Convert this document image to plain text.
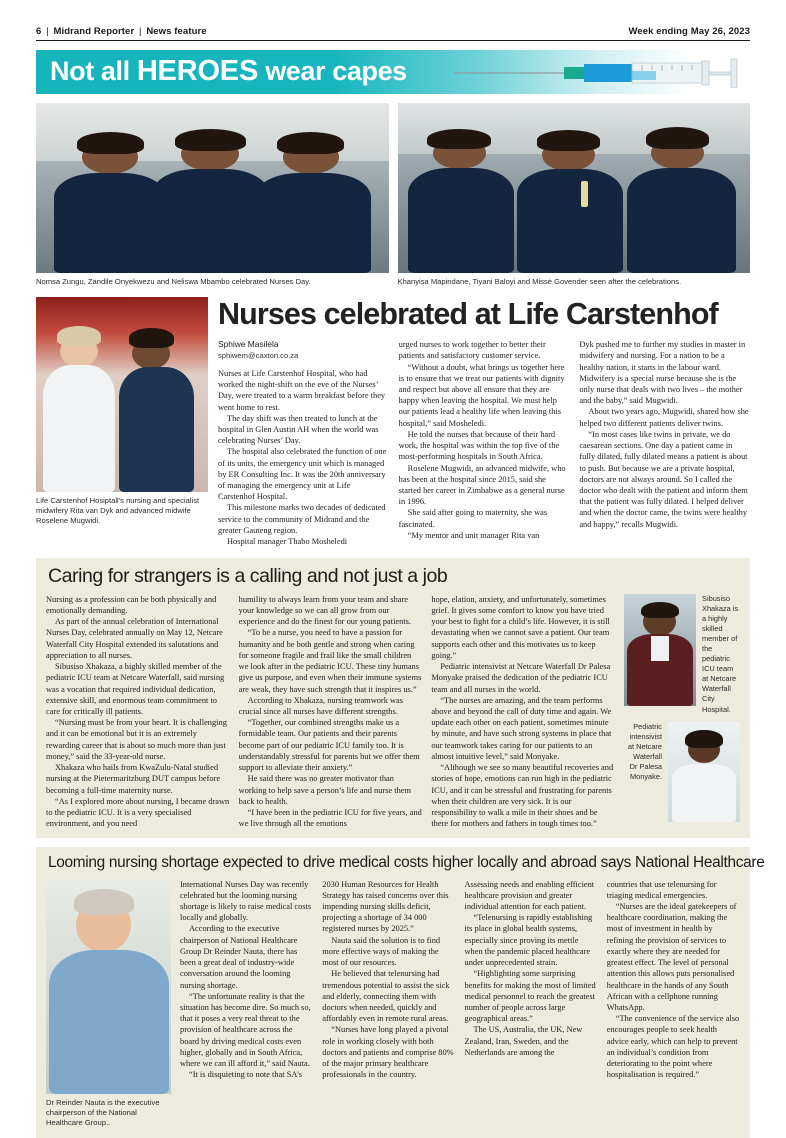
6 | Midrand Reporter | News feature	Week ending May 26, 2023
Not all HEROES wear capes
Nomsa Zungu, Zandile Onyekwezu and Neliswa Mbambo celebrated Nurses Day.	Khanyisa Mapindane, Tiyani Baloyi and Missé Govender seen after the celebrations.
Life Carstenhof Hosiptall's nursing and specialist midwifery Rita van Dyk and advanced midwife Roselene Mugwidi.
Nurses celebrated at Life Carstenhof
Sphiwe Masilela
sphiwem@caxton.co.za

Nurses at Life Carstenhof Hospital, who had worked the night-shift on the eve of the Nurses’ Day, were treated to a warm breakfast before they went home to rest.

The day shift was then treated to lunch at the hospital in Glen Austin AH when the world was celebrating Nurses’ Day.

The hospital also celebrated the function of one of its units, the emergency unit which is managed by ER Consulting Inc. It was the 20th anniversary of managing the emergency unit at Life Carstenhof Hospital.

This milestone marks two decades of dedicated service to the community of Midrand and the greater Gauteng region.

Hospital manager Thabo Mosheledi

urged nurses to work together to better their patients and satisfactory customer service.

“Without a doubt, what brings us together here is to ensure that we treat our patients with dignity and respect but above all ensure that they are happy when leaving the hospital. We must help our patients lead a healthy life when leaving this hospital,” said Mosheledi.

He told the nurses that because of their hard work, the hospital was within the top five of the most-performing hospitals in South Africa.

Roselene Mugwidi, an advanced midwife, who has been at the hospital since 2015, said she started her career in Zimbabwe as a general nurse in 1996.

She said after going to maternity, she was fascinated.

“My mentor and unit manager Rita van

Dyk pushed me to further my studies in master in midwifery and nursing. For a nation to be a healthy nation, it starts in the labour ward. Midwifery is a special nurse because she is the only nurse that deals with two lives – the mother and the baby,” said Mugwidi.

About two years ago, Mugwidi, shared how she helped two different patients deliver twins.

“In most cases like twins in private, we do caesarean sections. One day a patient came in fully dilated, fully dilated means a patient is about to push. But because we are a private hospital, doctors are not always around. So I called the doctor who dealt with the patient and inform them that the patient was fully dilated. I helped deliver and when the doctor came, the twins were healthy and happy,” recalls Mugwidi.

Caring for strangers is a calling and not just a job

Nursing as a profession can be both physically and emotionally demanding.

As part of the annual celebration of International Nurses Day, celebrated annually on May 12, Netcare Waterfall City Hospital extended its salutations and appreciation to all nurses.

Sibusiso Xhakaza, a highly skilled member of the pediatric ICU team at Netcare Waterfall, said nursing was a vocation that required individual dedication, extensive skill, and enormous team commitment to care for critically ill patients.

“Nursing must be from your heart. It is challenging and it can be emotional but it is an extremely rewarding career that is about so much more than just money,” said the 33-year-old nurse.

Xhakaza who hails from KwaZulu-Natal studied nursing at the Pietermaritzburg DUT campus before becoming a full-time maternity nurse.

“As I explored more about nursing, I became drawn to the pediatric ICU. It is a very specialised environment, and you need

humility to always learn from your team and share your knowledge so we can all grow from our experience and do the finest for our young patients.

“To be a nurse, you need to have a passion for humanity and be both gentle and strong when caring for someone fragile and frail like the small children we look after in the pediatric ICU. These tiny humans give us purpose, and even when their immune systems are weak, they have such strength that it inspires us.”

According to Xhakaza, nursing teamwork was crucial since all nurses have different strengths.

“Together, our combined strengths make us a formidable team. Our patients and their parents become part of our pediatric ICU family too. It is understandably stressful for parents but we offer them support to alleviate their anxiety.”

He said there was no greater motivator than working to help save a person’s life and nurse them back to health.

“I have been in the pediatric ICU for five years, and we live through all the emotions

hope, elation, anxiety, and unfortunately, sometimes grief. It gives some comfort to know you have tried your best to fight for a child’s life. However, it is still devastating when we cannot save a patient. Our team supports each other and this motivates us to keep going.”

Pediatric intensivist at Netcare Waterfall Dr Palesa Monyake praised the dedication of the pediatric ICU team and all nurses in the world.

“The nurses are amazing, and the team performs above and beyond the call of duty time and again. We update each other on each patient, sometimes minute by minute, and have such strong systems in place that our teamwork takes caring for our patients to an almost intuitive level,” said Monyake.

“Although we see so many beautiful recoveries and stories of hope, emotions can run high in the pediatric ICU, and it can be stressful and frustrating for parents when their children are very sick. It is our responsibility to walk a mile in their shoes and be there for mothers and fathers in tough times too.”

Sibusiso Xhakaza is a highly skilled member of the pediatric ICU team at Netcare Waterfall City Hospital.
Pediatric intensivist at Netcare Waterfall Dr Palesa Monyake.
Looming nursing shortage expected to drive medical costs higher locally and abroad says National Healthcare
Dr Reinder Nauta is the executive chairperson of the National Healthcare Group..

International Nurses Day was recently celebrated but the looming nursing shortage is likely to raise medical costs locally and globally.

According to the executive chairperson of National Healthcare Group Dr Reinder Nauta, there has been a great deal of industry-wide conversation around the looming nursing shortage.

“The unfortunate reality is that the situation has become dire. So much so, that it poses a very real threat to the provision of healthcare across the board by driving medical costs even higher, globally and in South Africa, where we can ill afford it,” said Nauta.

“It is disquieting to note that SA’s

2030 Human Resources for Health Strategy has raised concerns over this impending nursing skills deficit, projecting a shortage of 34 000 registered nurses by 2025.”

Nauta said the solution is to find more effective ways of making the most of our resources.

He believed that telenursing had tremendous potential to assist the sick and elderly, connecting them with doctors when needed, quickly and affordably even in remote rural areas.

“Nurses have long played a pivotal role in working closely with both doctors and patients and comprise 80% of the major primary healthcare professionals in the country.

Assessing needs and enabling efficient healthcare provision and greater individual attention for each patient.

“Telenursing is rapidly establishing its place in global health systems, especially since proving its mettle when the pandemic placed healthcare under unprecedented strain.

“Highlighting some surprising benefits for making the most of limited medical personnel to reach the greatest number of people across large geographical areas.”

The US, Australia, the UK, New Zealand, Iran, Sweden, and the Netherlands are among the

countries that use telenursing for triaging medical emergencies.

“Nurses are the ideal gatekeepers of healthcare coordination, making the most of investment in health by refining the provision of services to exactly where they are needed for greatest effect. The level of personal attention this allows puts personalised healthcare in the hands of any South African with a cellphone running WhatsApp.

“The convenience of the service also encourages people to seek health advice early, which can help to prevent an individual’s condition from deteriorating to the point where hospitalisation is required.”
